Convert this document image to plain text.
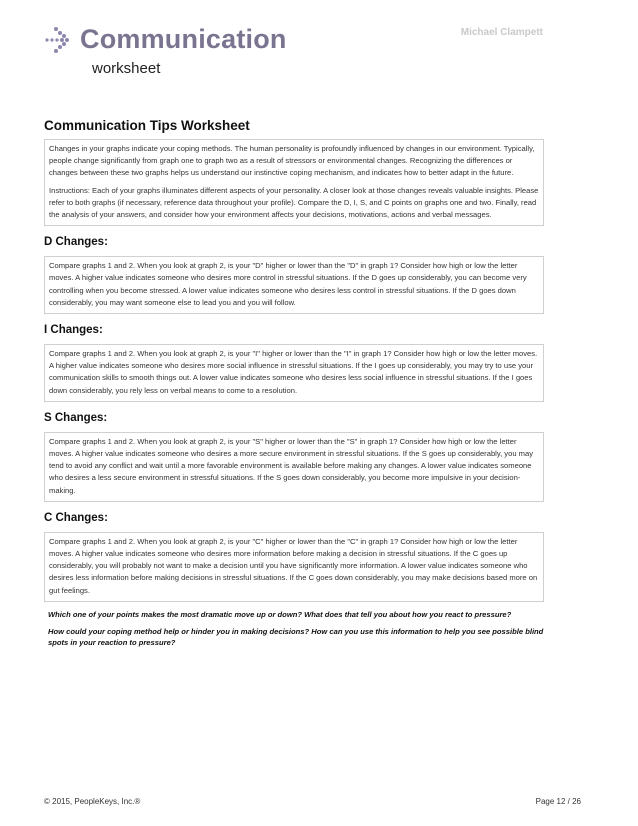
Communication
worksheet
Michael Clampett
Communication Tips Worksheet

Changes in your graphs indicate your coping methods. The human personality is profoundly influenced by changes in our environment. Typically, people change significantly from graph one to graph two as a result of stressors or environmental changes. Recognizing the differences or changes between these two graphs helps us understand our instinctive coping mechanism, and indicates how to better adapt in the future.

Instructions: Each of your graphs illuminates different aspects of your personality. A closer look at those changes reveals valuable insights. Please refer to both graphs (if necessary, reference data throughout your profile). Compare the D, I, S, and C points on graphs one and two. Finally, read the analysis of your answers, and consider how your environment affects your decisions, motivations, actions and verbal messages.

D Changes:

Compare graphs 1 and 2. When you look at graph 2, is your "D" higher or lower than the "D" in graph 1? Consider how high or low the letter moves. A higher value indicates someone who desires more control in stressful situations. If the D goes up considerably, you can become very controlling when you become stressed. A lower value indicates someone who desires less control in stressful situations. If the D goes down considerably, you may want someone else to lead you and you will follow.

I Changes:

Compare graphs 1 and 2. When you look at graph 2, is your "I" higher or lower than the "I" in graph 1? Consider how high or low the letter moves. A higher value indicates someone who desires more social influence in stressful situations. If the I goes up considerably, you may try to use your communication skills to smooth things out. A lower value indicates someone who desires less social influence in stressful situations. If the I goes down considerably, you rely less on verbal means to come to a resolution.

S Changes:

Compare graphs 1 and 2. When you look at graph 2, is your "S" higher or lower than the "S" in graph 1? Consider how high or low the letter moves. A higher value indicates someone who desires a more secure environment in stressful situations. If the S goes up considerably, you may tend to avoid any conflict and wait until a more favorable environment is available before making any changes. A lower value indicates someone who desires a less secure environment in stressful situations. If the S goes down considerably, you become more impulsive in your decision-making.

C Changes:

Compare graphs 1 and 2. When you look at graph 2, is your "C" higher or lower than the "C" in graph 1? Consider how high or low the letter moves. A higher value indicates someone who desires more information before making a decision in stressful situations. If the C goes up considerably, you will probably not want to make a decision until you have significantly more information. A lower value indicates someone who desires less information before making decisions in stressful situations. If the C goes down considerably, you may make decisions based more on gut feelings.

Which one of your points makes the most dramatic move up or down? What does that tell you about how you react to pressure?

How could your coping method help or hinder you in making decisions? How can you use this information to help you see possible blind spots in your reaction to pressure?

© 2015, PeopleKeys, Inc.®	Page 12 / 26
